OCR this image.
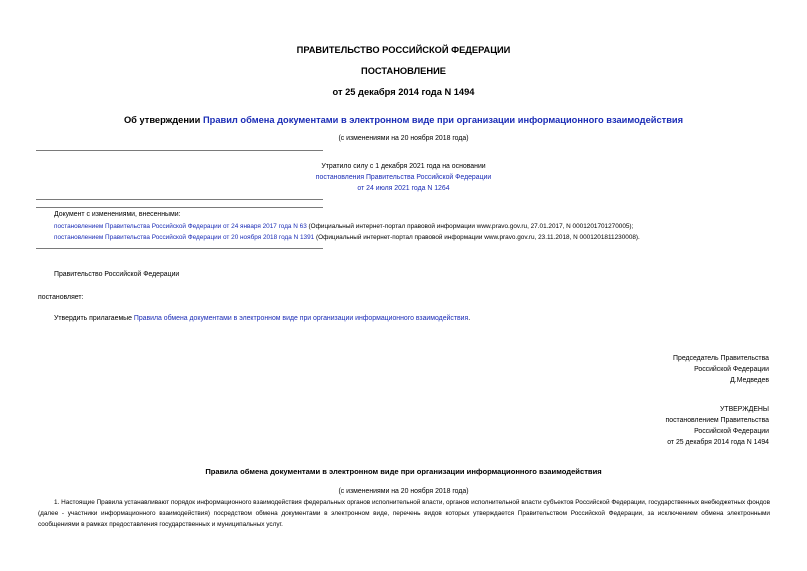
ПРАВИТЕЛЬСТВО РОССИЙСКОЙ ФЕДЕРАЦИИ
ПОСТАНОВЛЕНИЕ
от 25 декабря 2014 года N 1494
Об утверждении Правил обмена документами в электронном виде при организации информационного взаимодействия
(с изменениями на 20 ноября 2018 года)
Утратило силу с 1 декабря 2021 года на основании
постановления Правительства Российской Федерации
от 24 июля 2021 года N 1264
Документ с изменениями, внесенными:
постановлением Правительства Российской Федерации от 24 января 2017 года N 63 (Официальный интернет-портал правовой информации www.pravo.gov.ru, 27.01.2017, N 0001201701270005);
постановлением Правительства Российской Федерации от 20 ноября 2018 года N 1391 (Официальный интернет-портал правовой информации www.pravo.gov.ru, 23.11.2018, N 0001201811230008).
Правительство Российской Федерации
постановляет:
Утвердить прилагаемые Правила обмена документами в электронном виде при организации информационного взаимодействия.
Председатель Правительства
Российской Федерации
Д.Медведев
УТВЕРЖДЕНЫ
постановлением Правительства
Российской Федерации
от 25 декабря 2014 года N 1494
Правила обмена документами в электронном виде при организации информационного взаимодействия
(с изменениями на 20 ноября 2018 года)
1. Настоящие Правила устанавливают порядок информационного взаимодействия федеральных органов исполнительной власти, органов исполнительной власти субъектов Российской Федерации, государственных внебюджетных фондов (далее - участники информационного взаимодействия) посредством обмена документами в электронном виде, перечень видов которых утверждается Правительством Российской Федерации, за исключением обмена электронными сообщениями в рамках предоставления государственных и муниципальных услуг.
